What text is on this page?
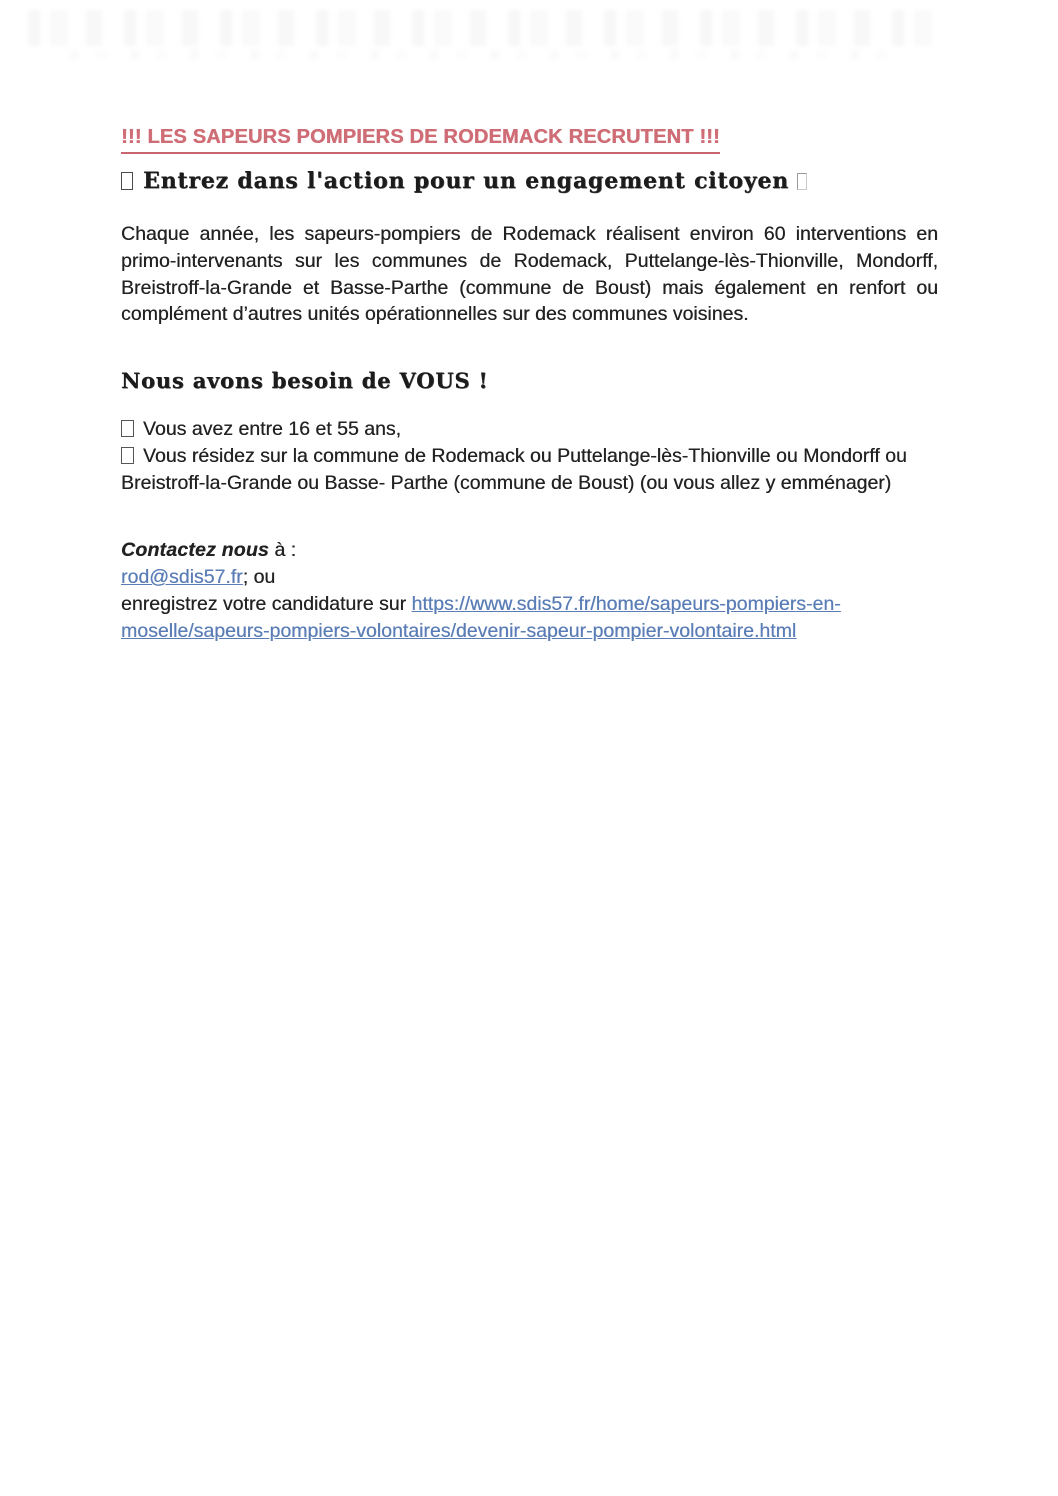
!!! LES SAPEURS POMPIERS DE RODEMACK RECRUTENT !!!
Entrez dans l'action pour un engagement citoyen
Chaque année, les sapeurs-pompiers de Rodemack réalisent environ 60 interventions en primo-intervenants sur les communes de Rodemack, Puttelange-lès-Thionville, Mondorff, Breistroff-la-Grande et Basse-Parthe (commune de Boust) mais également en renfort ou complément d’autres unités opérationnelles sur des communes voisines.
Nous avons besoin de VOUS !

Vous avez entre 16 et 55 ans,

Vous résidez sur la commune de Rodemack ou Puttelange-lès-Thionville ou Mondorff ou Breistroff-la-Grande ou Basse- Parthe (commune de Boust) (ou vous allez y emménager)

Contactez nous à :

rod@sdis57.fr; ou

enregistrez votre candidature sur https://www.sdis57.fr/home/sapeurs-pompiers-en-
moselle/sapeurs-pompiers-volontaires/devenir-sapeur-pompier-volontaire.html
